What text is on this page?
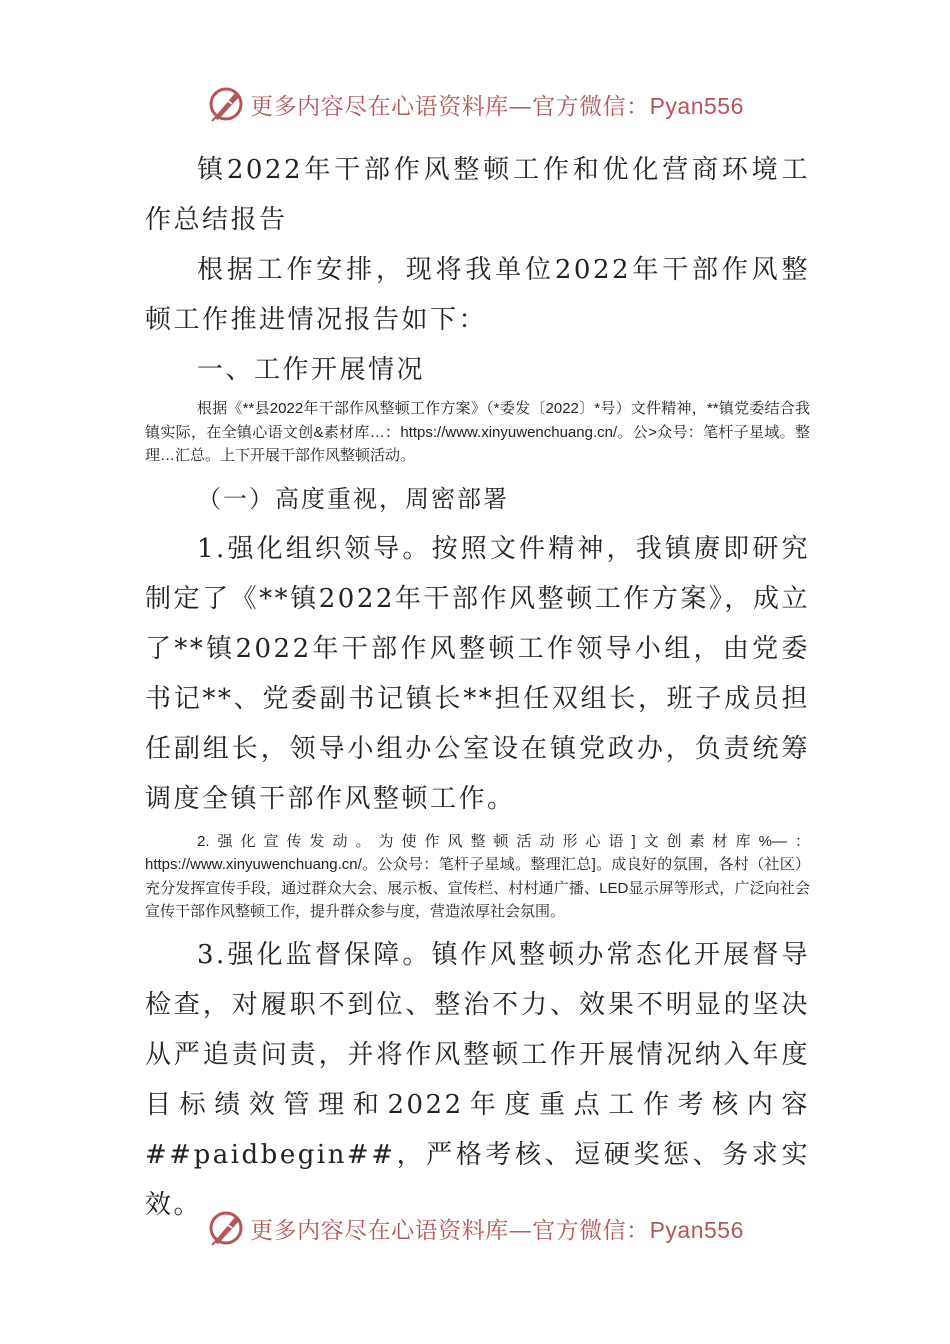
更多内容尽在心语资料库—官方微信：Pyan556

镇2022年干部作风整顿工作和优化营商环境工作总结报告

根据工作安排，现将我单位2022年干部作风整顿工作推进情况报告如下：

一、工作开展情况

根据《**县2022年干部作风整顿工作方案》（*委发〔2022〕*号）文件精神，**镇党委结合我镇实际，在全镇心语文创&素材库…：https://www.xinyuwenchuang.cn/。公>众号：笔杆子星域。整理…汇总。上下开展干部作风整顿活动。

（一）高度重视，周密部署

1.强化组织领导。按照文件精神，我镇赓即研究制定了《**镇2022年干部作风整顿工作方案》，成立了**镇2022年干部作风整顿工作领导小组，由党委书记**、党委副书记镇长**担任双组长，班子成员担任副组长，领导小组办公室设在镇党政办，负责统筹调度全镇干部作风整顿工作。

2.强化宣传发动。为使作风整顿活动形心语]文创素材库%—：https://www.xinyuwenchuang.cn/。公众号：笔杆子星域。整理汇总]。成良好的氛围，各村（社区）充分发挥宣传手段，通过群众大会、展示板、宣传栏、村村通广播、LED显示屏等形式，广泛向社会宣传干部作风整顿工作，提升群众参与度，营造浓厚社会氛围。

3.强化监督保障。镇作风整顿办常态化开展督导检查，对履职不到位、整治不力、效果不明显的坚决从严追责问责，并将作风整顿工作开展情况纳入年度目标绩效管理和2022年度重点工作考核内容##paidbegin##，严格考核、逗硬奖惩、务求实效。

更多内容尽在心语资料库—官方微信：Pyan556
